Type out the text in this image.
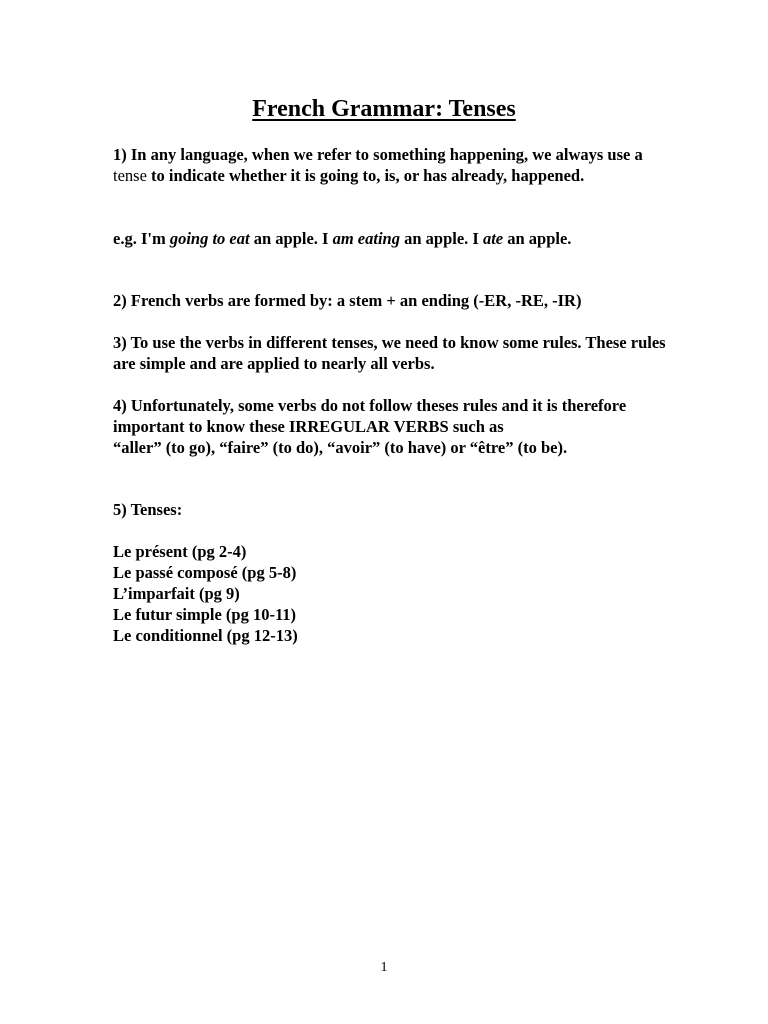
French Grammar: Tenses

1) In any language, when we refer to something happening, we always use a tense to indicate whether it is going to, is, or has already, happened.

e.g. I'm going to eat an apple. I am eating an apple. I ate an apple.

2) French verbs are formed by: a stem + an ending (-ER, -RE, -IR)

3) To use the verbs in different tenses, we need to know some rules. These rules are simple and are applied to nearly all verbs.

4) Unfortunately, some verbs do not follow theses rules and it is therefore important to know these IRREGULAR VERBS such as
“aller” (to go), “faire” (to do), “avoir” (to have) or “être” (to be).

5) Tenses:

Le présent (pg 2-4)
Le passé composé (pg 5-8)
L’imparfait (pg 9)
Le futur simple (pg 10-11)
Le conditionnel (pg 12-13)
1
